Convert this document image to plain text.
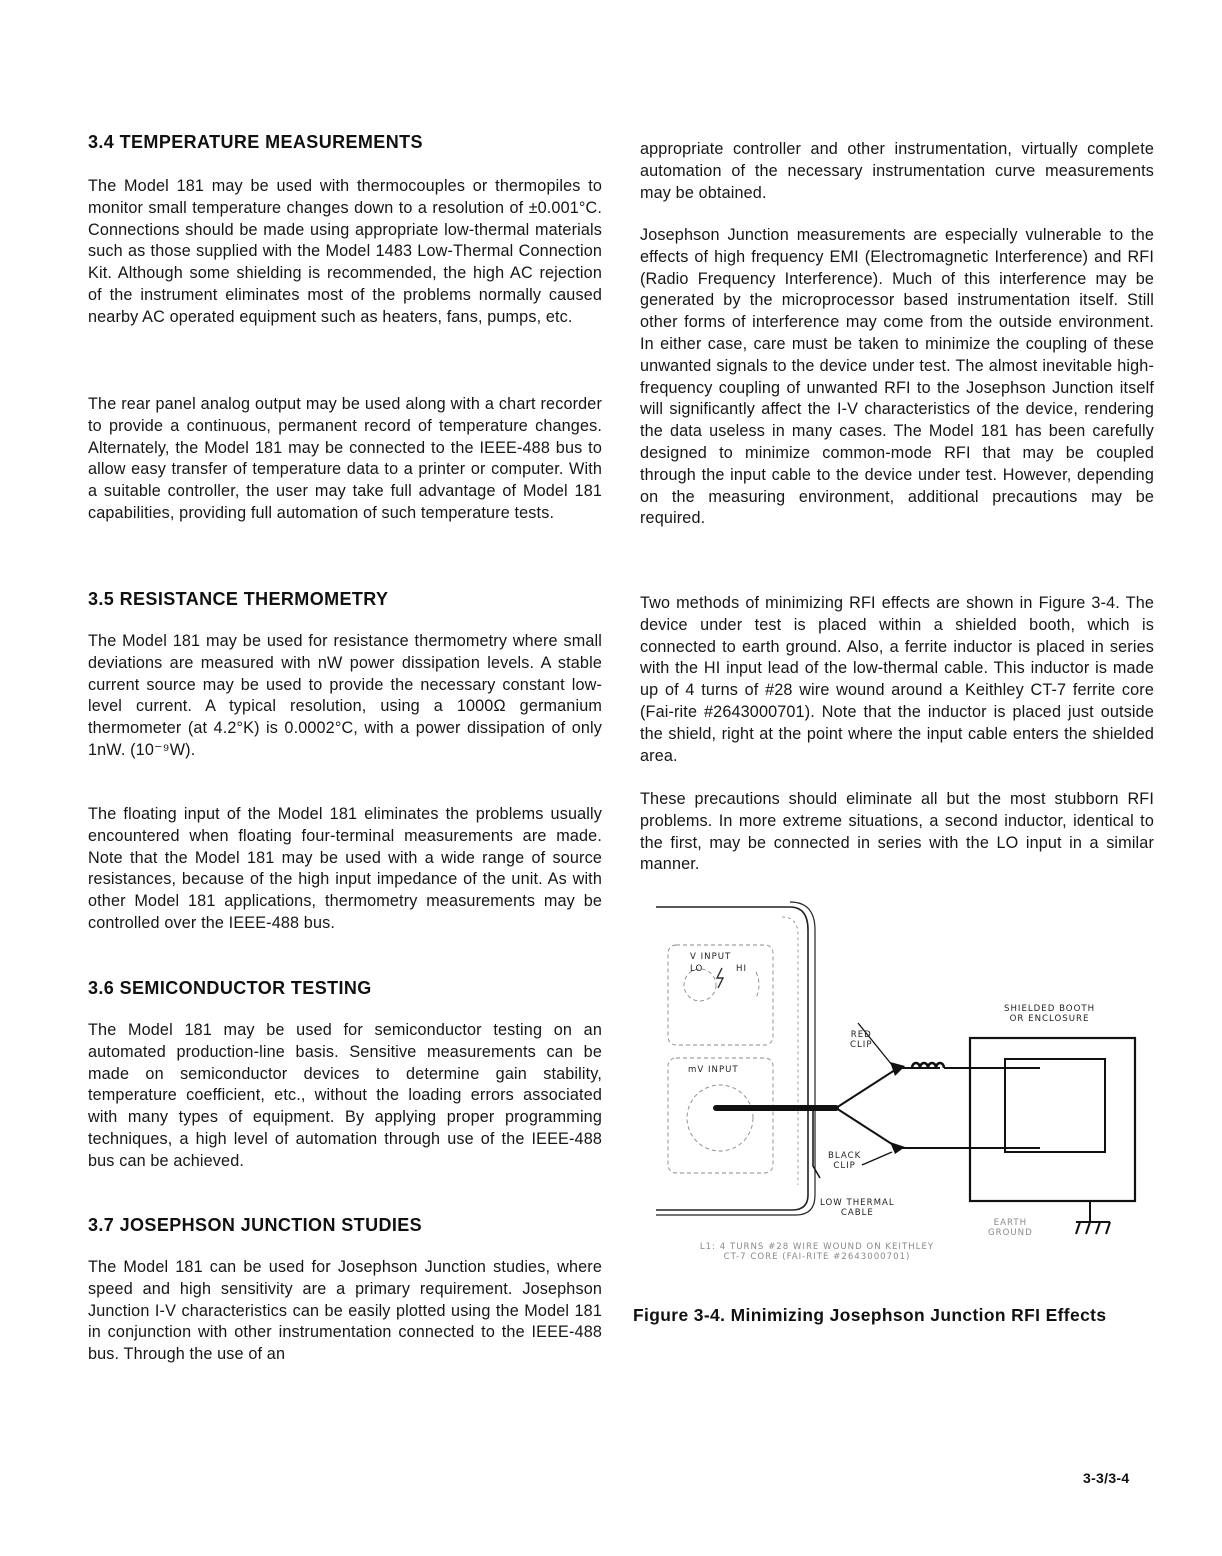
3.4 TEMPERATURE MEASUREMENTS

The Model 181 may be used with thermocouples or thermopiles to monitor small temperature changes down to a resolution of ±0.001°C. Connections should be made using appropriate low-thermal materials such as those supplied with the Model 1483 Low-Thermal Connection Kit. Although some shielding is recommended, the high AC rejection of the instrument eliminates most of the problems normally caused nearby AC operated equipment such as heaters, fans, pumps, etc.

The rear panel analog output may be used along with a chart recorder to provide a continuous, permanent record of temperature changes. Alternately, the Model 181 may be connected to the IEEE-488 bus to allow easy transfer of temperature data to a printer or computer. With a suitable controller, the user may take full advantage of Model 181 capabilities, providing full automation of such temperature tests.

3.5 RESISTANCE THERMOMETRY

The Model 181 may be used for resistance thermometry where small deviations are measured with nW power dissipation levels. A stable current source may be used to provide the necessary constant low-level current. A typical resolution, using a 1000Ω germanium thermometer (at 4.2°K) is 0.0002°C, with a power dissipation of only 1nW. (10⁻⁹W).

The floating input of the Model 181 eliminates the problems usually encountered when floating four-terminal measurements are made. Note that the Model 181 may be used with a wide range of source resistances, because of the high input impedance of the unit. As with other Model 181 applications, thermometry measurements may be controlled over the IEEE-488 bus.

3.6 SEMICONDUCTOR TESTING

The Model 181 may be used for semiconductor testing on an automated production-line basis. Sensitive measurements can be made on semiconductor devices to determine gain stability, temperature coefficient, etc., without the loading errors associated with many types of equipment. By applying proper programming techniques, a high level of automation through use of the IEEE-488 bus can be achieved.

3.7 JOSEPHSON JUNCTION STUDIES

The Model 181 can be used for Josephson Junction studies, where speed and high sensitivity are a primary requirement. Josephson Junction I-V characteristics can be easily plotted using the Model 181 in conjunction with other instrumentation connected to the IEEE-488 bus. Through the use of an

appropriate controller and other instrumentation, virtually complete automation of the necessary instrumentation curve measurements may be obtained.

Josephson Junction measurements are especially vulnerable to the effects of high frequency EMI (Electromagnetic Interference) and RFI (Radio Frequency Interference). Much of this interference may be generated by the microprocessor based instrumentation itself. Still other forms of interference may come from the outside environment. In either case, care must be taken to minimize the coupling of these unwanted signals to the device under test. The almost inevitable high-frequency coupling of unwanted RFI to the Josephson Junction itself will significantly affect the I-V characteristics of the device, rendering the data useless in many cases. The Model 181 has been carefully designed to minimize common-mode RFI that may be coupled through the input cable to the device under test. However, depending on the measuring environment, additional precautions may be required.

Two methods of minimizing RFI effects are shown in Figure 3-4. The device under test is placed within a shielded booth, which is connected to earth ground. Also, a ferrite inductor is placed in series with the HI input lead of the low-thermal cable. This inductor is made up of 4 turns of #28 wire wound around a Keithley CT-7 ferrite core (Fai-rite #2643000701). Note that the inductor is placed just outside the shield, right at the point where the input cable enters the shielded area.

These precautions should eliminate all but the most stubborn RFI problems. In more extreme situations, a second inductor, identical to the first, may be connected in series with the LO input in a similar manner.

V INPUT
LO	HI
mV INPUT
RED
CLIP
BLACK
CLIP
LOW THERMAL
CABLE
SHIELDED BOOTH
OR ENCLOSURE
EARTH
GROUND
L1: 4 TURNS #28 WIRE WOUND ON KEITHLEY
CT-7 CORE (FAI-RITE #2643000701)
Figure 3-4. Minimizing Josephson Junction RFI Effects
3-3/3-4
